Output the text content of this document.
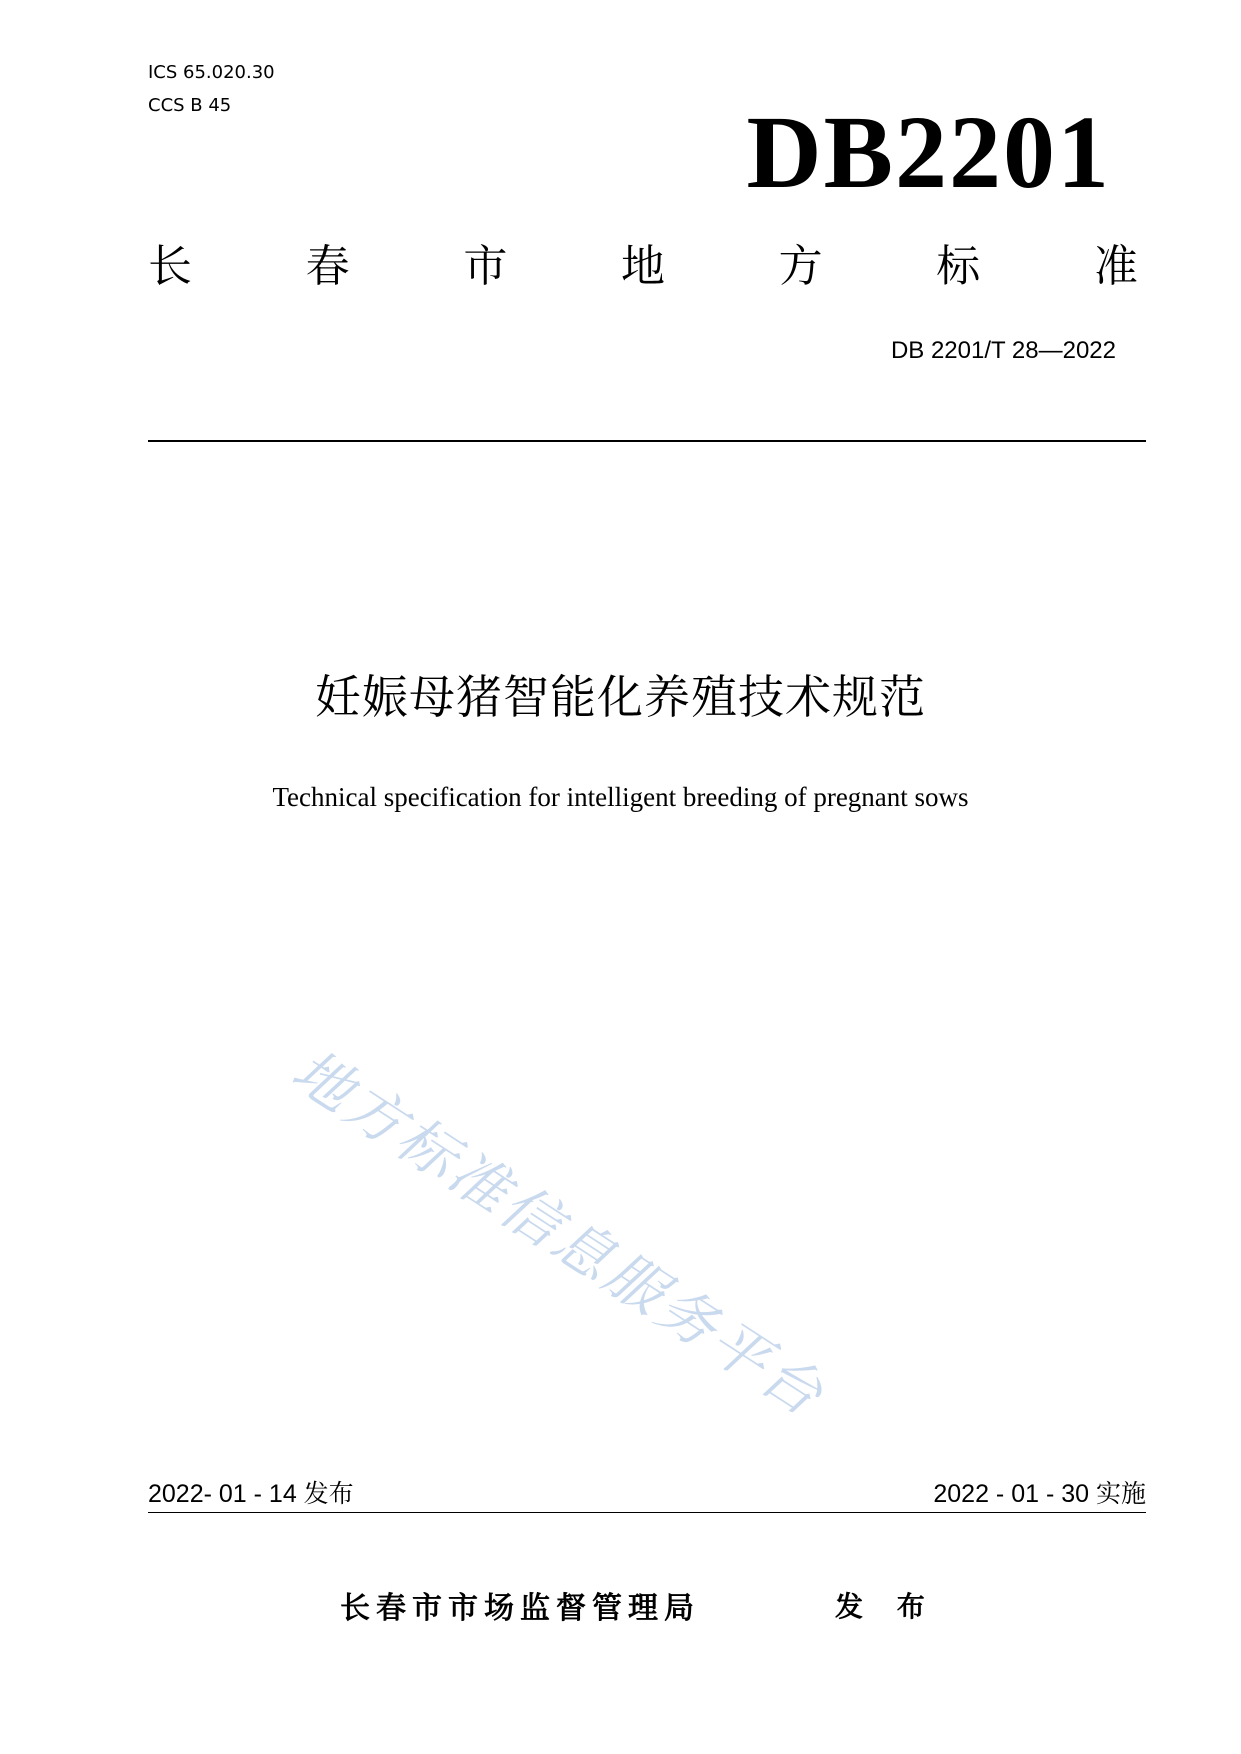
ICS 65.020.30
CCS B 45	DB2201
长	春	市	地	方	标	准
DB 2201/T 28—2022
妊娠母猪智能化养殖技术规范
Technical specification for intelligent breeding of pregnant sows
地方标准信息服务平台
2022- 01 - 14 发布	2022 - 01 - 30 实施
长春市市场监督管理局	发 布
